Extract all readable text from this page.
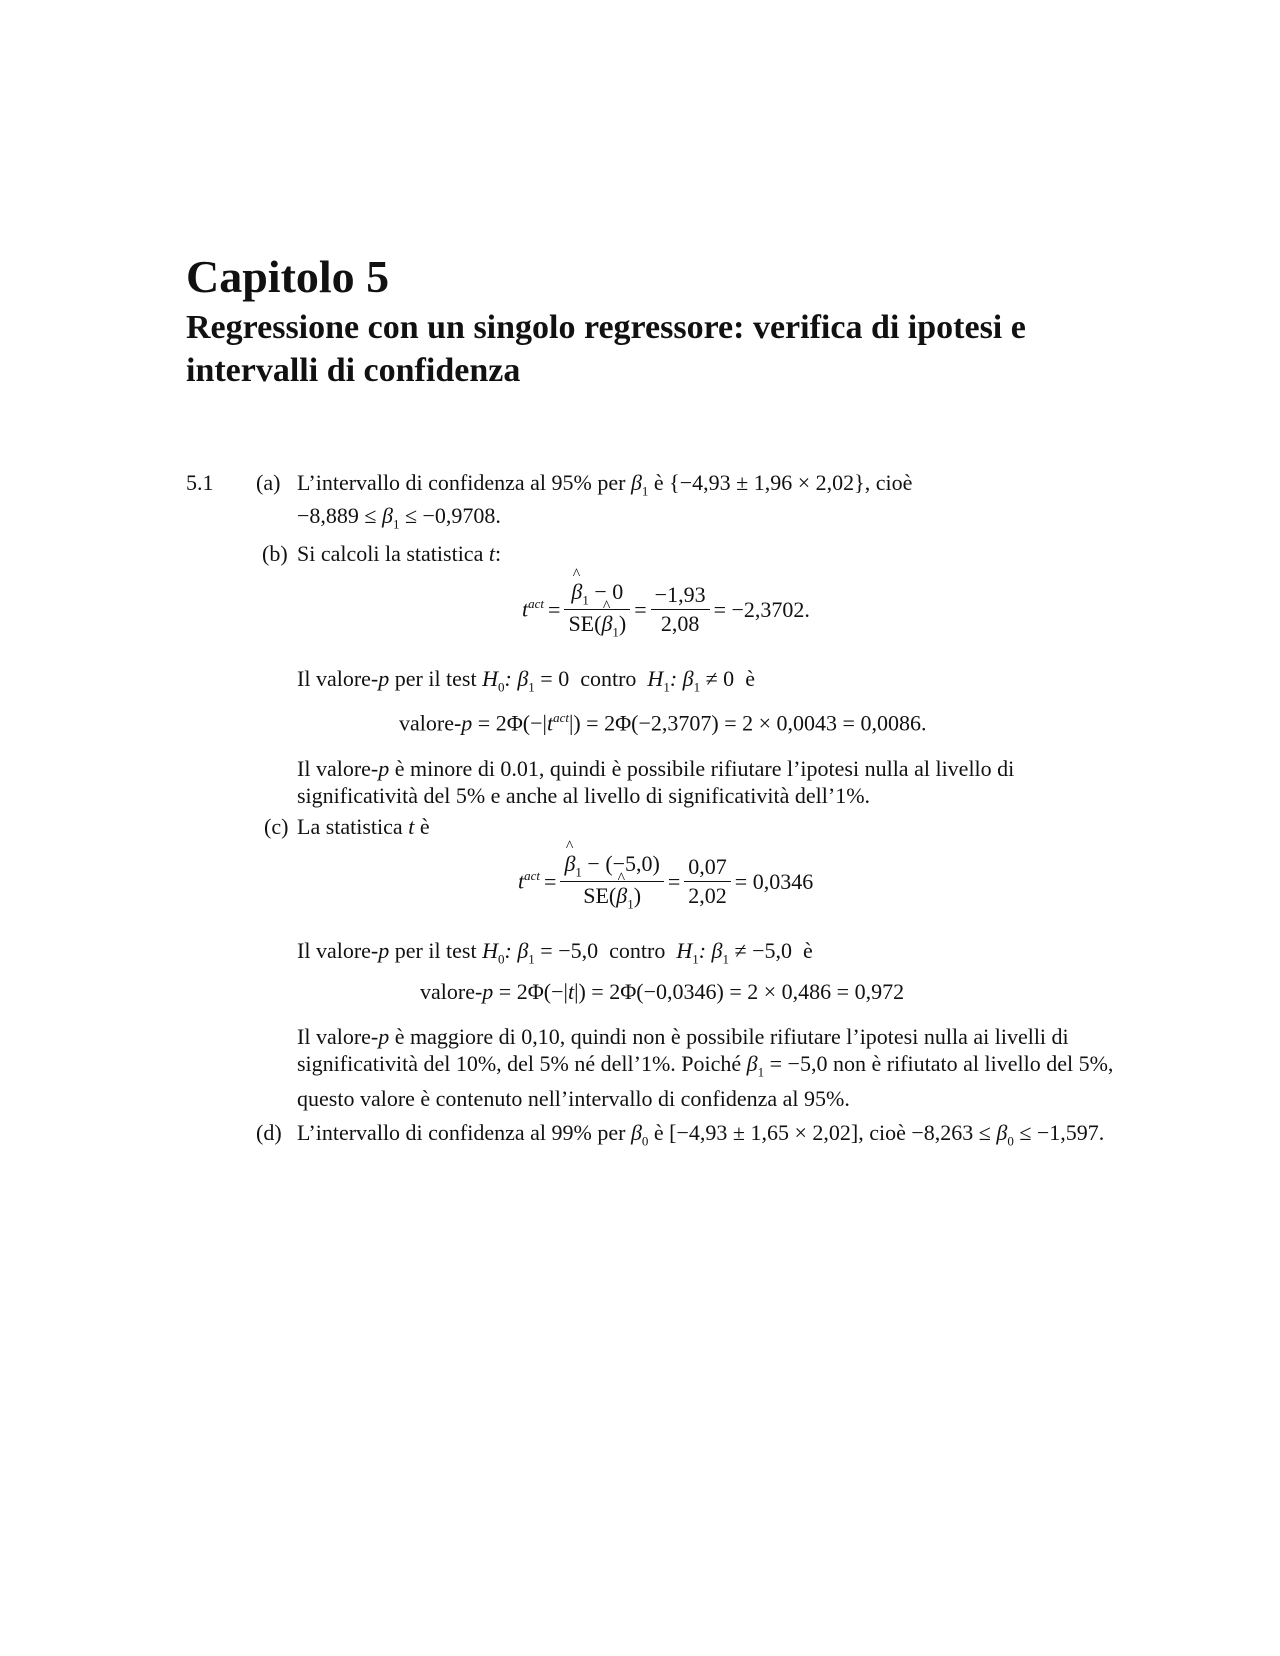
Capitolo 5
Regressione con un singolo regressore: verifica di ipotesi e intervalli di confidenza
5.1 (a) L’intervallo di confidenza al 95% per $\beta_1$ è {−4,93 ± 1,96 × 2,02}, cioè
$-8,889 \le \beta_1 \le -0,9708$.
(b) Si calcoli la statistica t:
$t^{act}$ = ^ $\frac{\beta_1 - 0}{SE(\^{} \beta_1)} = \frac{-1,93}{2,08} = -2,3702$.
Il valore-p per il test $H_0$: $\beta_1 = 0$ contro $H_1$: $\beta_1 \ne 0$ è
valore-p = $2\Phi(-|t^{act}|) = 2\Phi(-2,3707) = 2 \times 0,0043 = 0,0086$.
Il valore-p è minore di 0.01, quindi è possibile rifiutare l’ipotesi nulla al livello di
significatività del 5% e anche al livello di significatività dell’1%.
(c) La statistica t è
$t^{act}$ = ^ $\frac{\beta_1 - (-5,0)}{SE(\^{} \beta_1)} = \frac{0,07}{2,02} = 0,0346$
Il valore-p per il test $H_0$: $\beta_1 = -5,0$ contro $H_1$: $\beta_1 \ne -5,0$ è
valore-p = 2Φ(−|t|) = 2Φ(−0,0346) = 2 × 0,486 = 0,972
Il valore-p è maggiore di 0,10, quindi non è possibile rifiutare l’ipotesi nulla ai livelli di
significatività del 10%, del 5% né dell’1%. Poiché $\beta_1 = -5,0$ non è rifiutato al livello del 5%,
questo valore è contenuto nell’intervallo di confidenza al 95%.
(d) L’intervallo di confidenza al 99% per $\beta_0$ è [−4,93 ± 1,65 × 2,02], cioè $-8,263 \le \beta_0 \le -1,597$.
